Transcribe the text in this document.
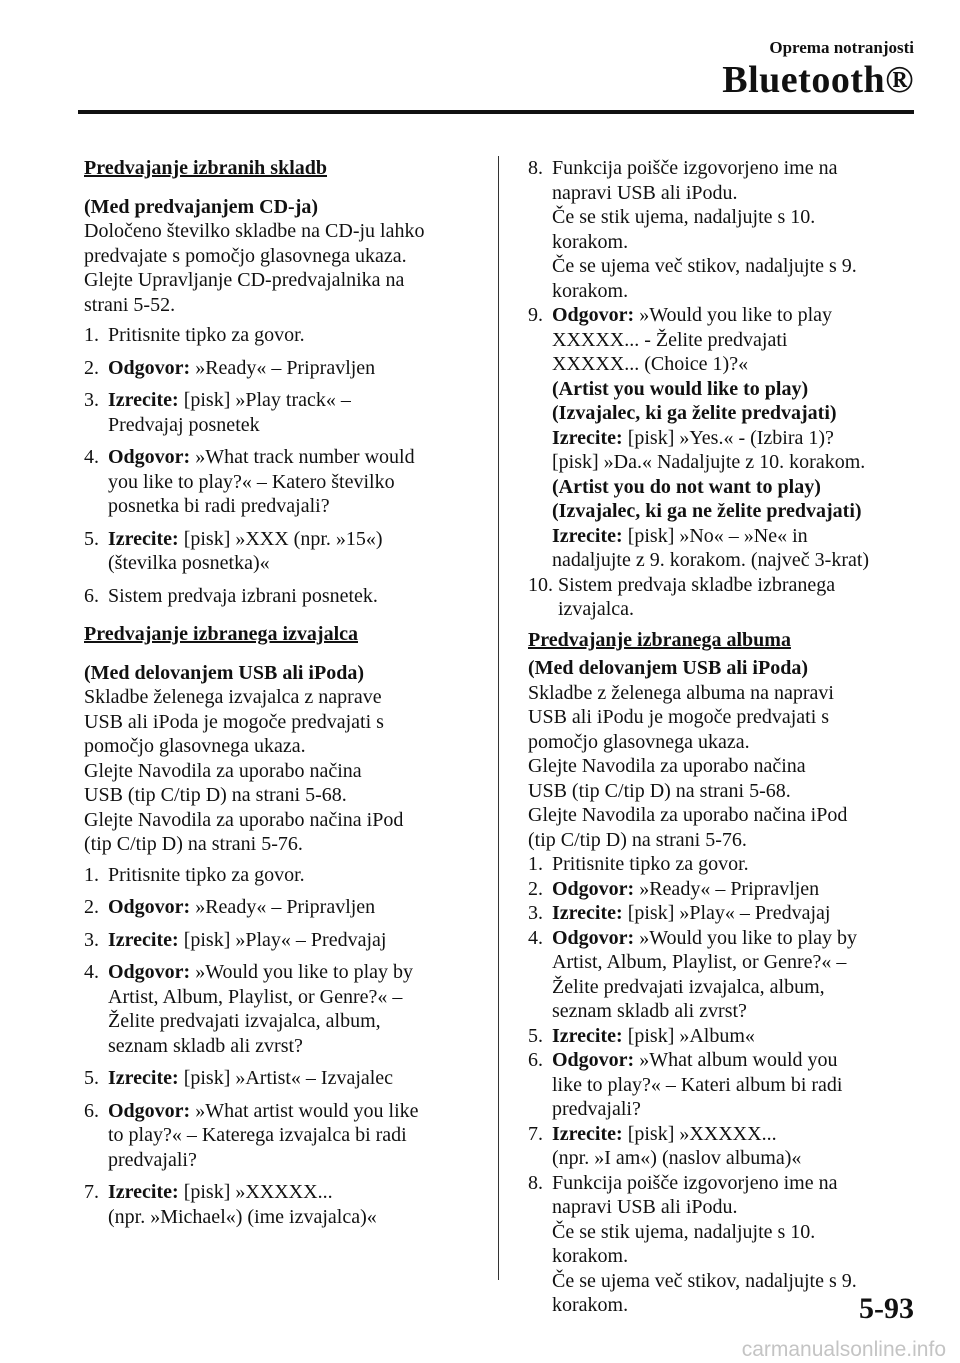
Oprema notranjosti
Bluetooth®
Predvajanje izbranih skladb
(Med predvajanjem CD-ja)
Določeno številko skladbe na CD-ju lahko
predvajate s pomočjo glasovnega ukaza.
Glejte Upravljanje CD-predvajalnika na
strani 5-52.
1. Pritisnite tipko za govor.
2. Odgovor: »Ready« – Pripravljen
3. Izrecite: [pisk] »Play track« –
Predvajaj posnetek
4. Odgovor: »What track number would
you like to play?« – Katero številko
posnetka bi radi predvajali?
5. Izrecite: [pisk] »XXX (npr. »15«)
(številka posnetka)«
6. Sistem predvaja izbrani posnetek.
Predvajanje izbranega izvajalca
(Med delovanjem USB ali iPoda)
Skladbe želenega izvajalca z naprave
USB ali iPoda je mogoče predvajati s
pomočjo glasovnega ukaza.
Glejte Navodila za uporabo načina
USB (tip C/tip D) na strani 5-68.
Glejte Navodila za uporabo načina iPod
(tip C/tip D) na strani 5-76.
1. Pritisnite tipko za govor.
2. Odgovor: »Ready« – Pripravljen
3. Izrecite: [pisk] »Play« – Predvajaj
4. Odgovor: »Would you like to play by
Artist, Album, Playlist, or Genre?« –
Želite predvajati izvajalca, album,
seznam skladb ali zvrst?
5. Izrecite: [pisk] »Artist« – Izvajalec
6. Odgovor: »What artist would you like
to play?« – Katerega izvajalca bi radi
predvajali?
7. Izrecite: [pisk] »XXXXX...
(npr. »Michael«) (ime izvajalca)«
8. Funkcija poišče izgovorjeno ime na
napravi USB ali iPodu.
Če se stik ujema, nadaljujte s 10.
korakom.
Če se ujema več stikov, nadaljujte s 9.
korakom.
9. Odgovor: »Would you like to play
XXXXX... - Želite predvajati
XXXXX... (Choice 1)?«
(Artist you would like to play)
(Izvajalec, ki ga želite predvajati)
Izrecite: [pisk] »Yes.« - (Izbira 1)?
[pisk] »Da.« Nadaljujte z 10. korakom.
(Artist you do not want to play)
(Izvajalec, ki ga ne želite predvajati)
Izrecite: [pisk] »No« – »Ne« in
nadaljujte z 9. korakom. (največ 3-krat)
10. Sistem predvaja skladbe izbranega
izvajalca.
Predvajanje izbranega albuma
(Med delovanjem USB ali iPoda)
Skladbe z želenega albuma na napravi
USB ali iPodu je mogoče predvajati s
pomočjo glasovnega ukaza.
Glejte Navodila za uporabo načina
USB (tip C/tip D) na strani 5-68.
Glejte Navodila za uporabo načina iPod
(tip C/tip D) na strani 5-76.
1. Pritisnite tipko za govor.
2. Odgovor: »Ready« – Pripravljen
3. Izrecite: [pisk] »Play« – Predvajaj
4. Odgovor: »Would you like to play by
Artist, Album, Playlist, or Genre?« –
Želite predvajati izvajalca, album,
seznam skladb ali zvrst?
5. Izrecite: [pisk] »Album«
6. Odgovor: »What album would you
like to play?« – Kateri album bi radi
predvajali?
7. Izrecite: [pisk] »XXXXX...
(npr. »I am«) (naslov albuma)«
8. Funkcija poišče izgovorjeno ime na
napravi USB ali iPodu.
Če se stik ujema, nadaljujte s 10.
korakom.
Če se ujema več stikov, nadaljujte s 9.
korakom.	5-93
carmanualsonline.info
